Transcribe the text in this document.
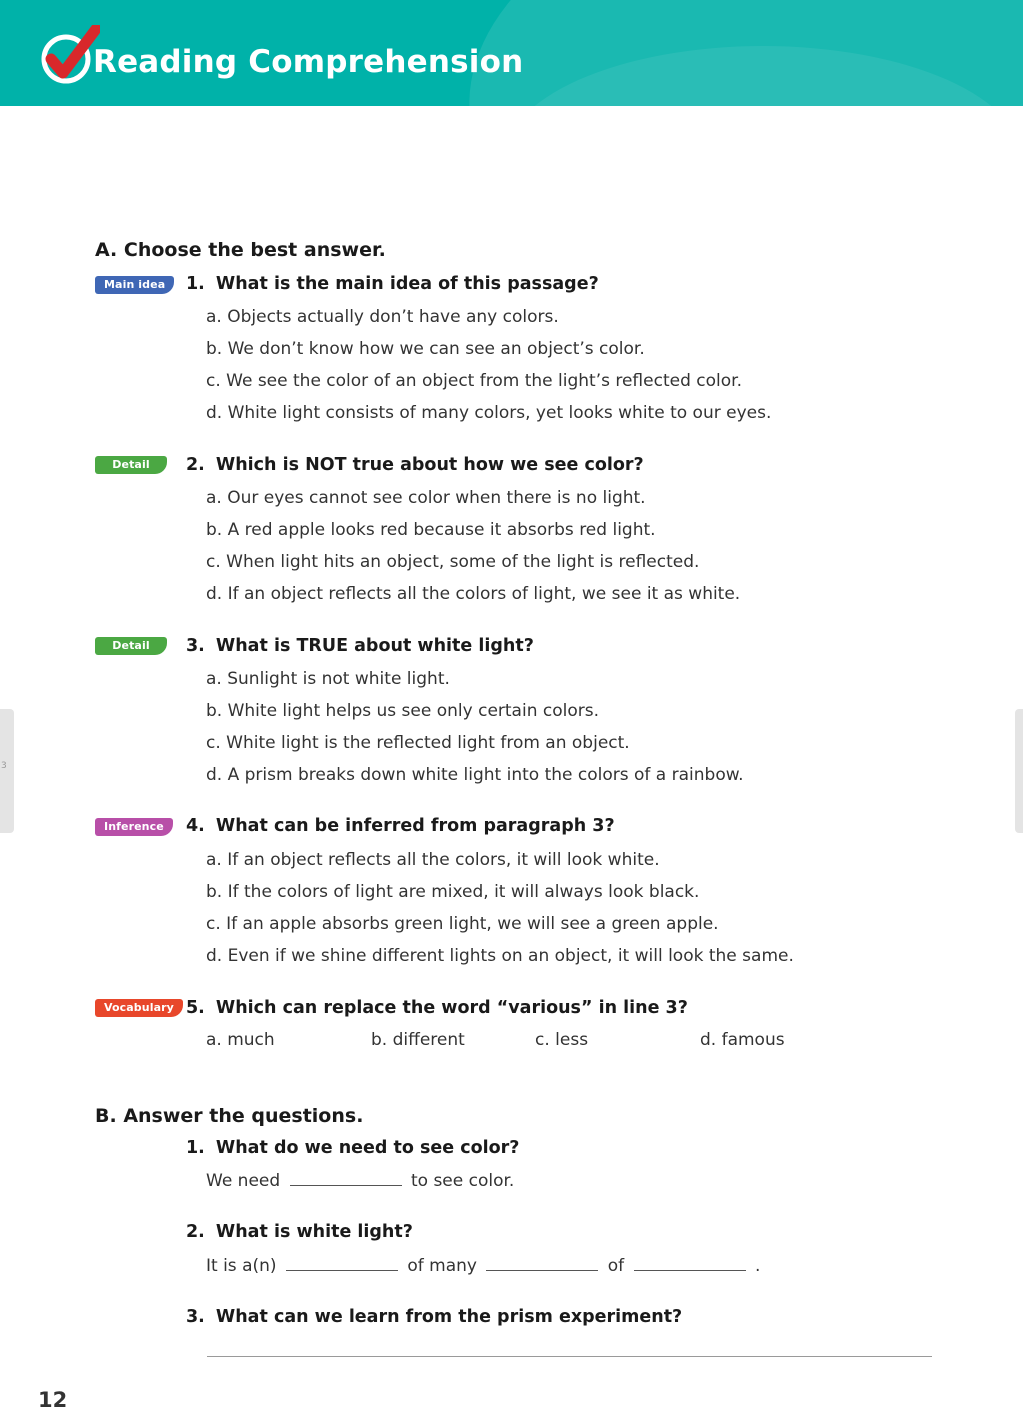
Reading Comprehension
3
A. Choose the best answer.
Main idea	1. What is the main idea of this passage?
a. Objects actually don’t have any colors.
b. We don’t know how we can see an object’s color.
c. We see the color of an object from the light’s reflected color.
d. White light consists of many colors, yet looks white to our eyes.
Detail	2. Which is NOT true about how we see color?
a. Our eyes cannot see color when there is no light.
b. A red apple looks red because it absorbs red light.
c. When light hits an object, some of the light is reflected.
d. If an object reflects all the colors of light, we see it as white.
Detail	3. What is TRUE about white light?
a. Sunlight is not white light.
b. White light helps us see only certain colors.
c. White light is the reflected light from an object.
d. A prism breaks down white light into the colors of a rainbow.
Inference	4. What can be inferred from paragraph 3?
a. If an object reflects all the colors, it will look white.
b. If the colors of light are mixed, it will always look black.
c. If an apple absorbs green light, we will see a green apple.
d. Even if we shine different lights on an object, it will look the same.
Vocabulary 5. Which can replace the word “various” in line 3?
a. much	b. different	c. less	d. famous
B. Answer the questions.
1. What do we need to see color?
We need	to see color.
2. What is white light?
It is a(n)	of many	of	.
3. What can we learn from the prism experiment?
12
